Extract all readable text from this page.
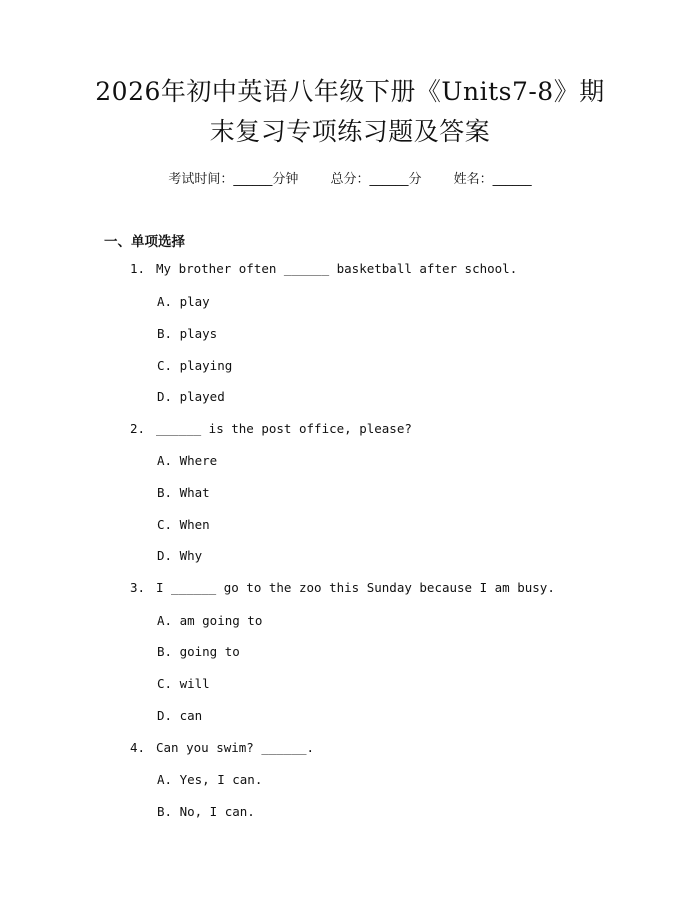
2026年初中英语八年级下册《Units7-8》期
末复习专项练习题及答案
考试时间：______分钟 总分：______分 姓名：______
一、单项选择
1. My brother often ______ basketball after school.
A. play
B. plays
C. playing
D. played
2. ______ is the post office, please?
A. Where
B. What
C. When
D. Why
3. I ______ go to the zoo this Sunday because I am busy.
A. am going to
B. going to
C. will
D. can
4. Can you swim? ______.
A. Yes, I can.
B. No, I can.
